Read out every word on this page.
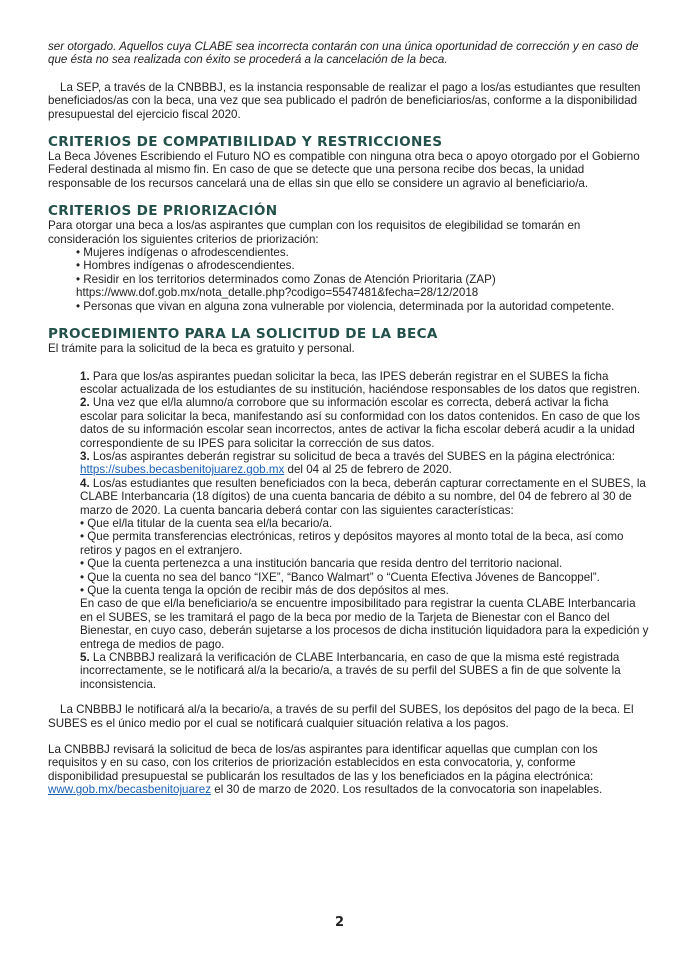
ser otorgado. Aquellos cuya CLABE sea incorrecta contarán con una única oportunidad de corrección y en caso de que ésta no sea realizada con éxito se procederá a la cancelación de la beca.

La SEP, a través de la CNBBBJ, es la instancia responsable de realizar el pago a los/as estudiantes que resulten beneficiados/as con la beca, una vez que sea publicado el padrón de beneficiarios/as, conforme a la disponibilidad presupuestal del ejercicio fiscal 2020.

CRITERIOS DE COMPATIBILIDAD Y RESTRICCIONES

La Beca Jóvenes Escribiendo el Futuro NO es compatible con ninguna otra beca o apoyo otorgado por el Gobierno Federal destinada al mismo fin. En caso de que se detecte que una persona recibe dos becas, la unidad responsable de los recursos cancelará una de ellas sin que ello se considere un agravio al beneficiario/a.

CRITERIOS DE PRIORIZACIÓN

Para otorgar una beca a los/as aspirantes que cumplan con los requisitos de elegibilidad se tomarán en consideración los siguientes criterios de priorización:

• Mujeres indígenas o afrodescendientes.
• Hombres indígenas o afrodescendientes.
• Residir en los territorios determinados como Zonas de Atención Prioritaria (ZAP) https://www.dof.gob.mx/nota_detalle.php?codigo=5547481&fecha=28/12/2018
• Personas que vivan en alguna zona vulnerable por violencia, determinada por la autoridad competente.
PROCEDIMIENTO PARA LA SOLICITUD DE LA BECA

El trámite para la solicitud de la beca es gratuito y personal.

1. Para que los/as aspirantes puedan solicitar la beca, las IPES deberán registrar en el SUBES la ficha escolar actualizada de los estudiantes de su institución, haciéndose responsables de los datos que registren.

2. Una vez que el/la alumno/a corrobore que su información escolar es correcta, deberá activar la ficha escolar para solicitar la beca, manifestando así su conformidad con los datos contenidos. En caso de que los datos de su información escolar sean incorrectos, antes de activar la ficha escolar deberá acudir a la unidad correspondiente de su IPES para solicitar la corrección de sus datos.

3. Los/as aspirantes deberán registrar su solicitud de beca a través del SUBES en la página electrónica: https://subes.becasbenitojuarez.gob.mx del 04 al 25 de febrero de 2020.

4. Los/as estudiantes que resulten beneficiados con la beca, deberán capturar correctamente en el SUBES, la CLABE Interbancaria (18 dígitos) de una cuenta bancaria de débito a su nombre, del 04 de febrero al 30 de marzo de 2020. La cuenta bancaria deberá contar con las siguientes características:

• Que el/la titular de la cuenta sea el/la becario/a.
• Que permita transferencias electrónicas, retiros y depósitos mayores al monto total de la beca, así como retiros y pagos en el extranjero.
• Que la cuenta pertenezca a una institución bancaria que resida dentro del territorio nacional.
• Que la cuenta no sea del banco “IXE”, “Banco Walmart” o “Cuenta Efectiva Jóvenes de Bancoppel”.
• Que la cuenta tenga la opción de recibir más de dos depósitos al mes.

En caso de que el/la beneficiario/a se encuentre imposibilitado para registrar la cuenta CLABE Interbancaria en el SUBES, se les tramitará el pago de la beca por medio de la Tarjeta de Bienestar con el Banco del Bienestar, en cuyo caso, deberán sujetarse a los procesos de dicha institución liquidadora para la expedición y entrega de medios de pago.

5. La CNBBBJ realizará la verificación de CLABE Interbancaria, en caso de que la misma esté registrada incorrectamente, se le notificará al/a la becario/a, a través de su perfil del SUBES a fin de que solvente la inconsistencia.

La CNBBBJ le notificará al/a la becario/a, a través de su perfil del SUBES, los depósitos del pago de la beca. El SUBES es el único medio por el cual se notificará cualquier situación relativa a los pagos.

La CNBBBJ revisará la solicitud de beca de los/as aspirantes para identificar aquellas que cumplan con los requisitos y en su caso, con los criterios de priorización establecidos en esta convocatoria, y, conforme disponibilidad presupuestal se publicarán los resultados de las y los beneficiados en la página electrónica: www.gob.mx/becasbenitojuarez el 30 de marzo de 2020. Los resultados de la convocatoria son inapelables.

2
